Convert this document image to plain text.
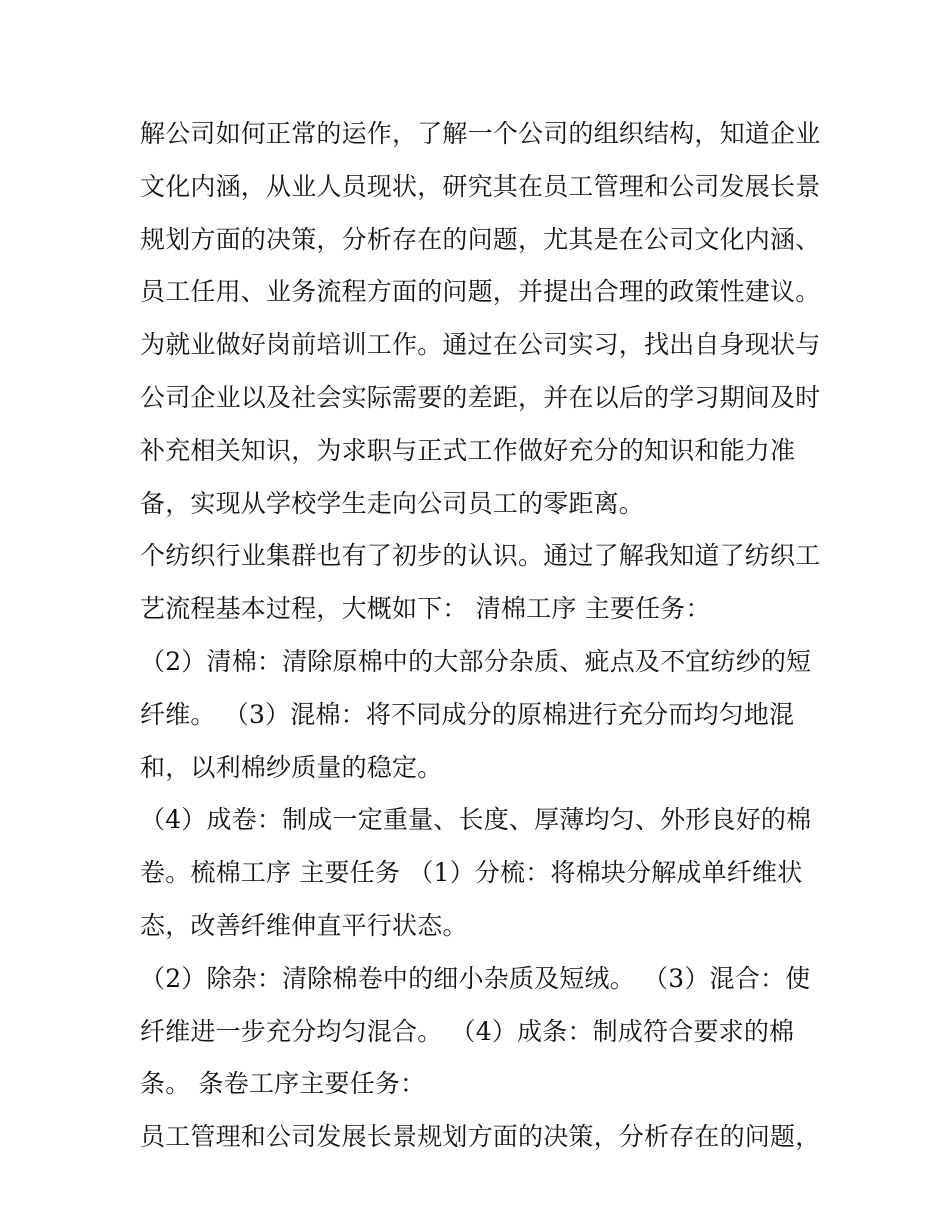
解公司如何正常的运作，了解一个公司的组织结构，知道企业
文化内涵，从业人员现状，研究其在员工管理和公司发展长景
规划方面的决策，分析存在的问题，尤其是在公司文化内涵、
员工任用、业务流程方面的问题，并提出合理的政策性建议。
为就业做好岗前培训工作。通过在公司实习，找出自身现状与
公司企业以及社会实际需要的差距，并在以后的学习期间及时
补充相关知识，为求职与正式工作做好充分的知识和能力准
备，实现从学校学生走向公司员工的零距离。
个纺织行业集群也有了初步的认识。通过了解我知道了纺织工
艺流程基本过程，大概如下： 清棉工序 主要任务：
（2）清棉：清除原棉中的大部分杂质、疵点及不宜纺纱的短
纤维。 （3）混棉：将不同成分的原棉进行充分而均匀地混
和，以利棉纱质量的稳定。
（4）成卷：制成一定重量、长度、厚薄均匀、外形良好的棉
卷。梳棉工序 主要任务 （1）分梳：将棉块分解成单纤维状
态，改善纤维伸直平行状态。
（2）除杂：清除棉卷中的细小杂质及短绒。 （3）混合：使
纤维进一步充分均匀混合。 （4）成条：制成符合要求的棉
条。 条卷工序主要任务：
员工管理和公司发展长景规划方面的决策，分析存在的问题，
